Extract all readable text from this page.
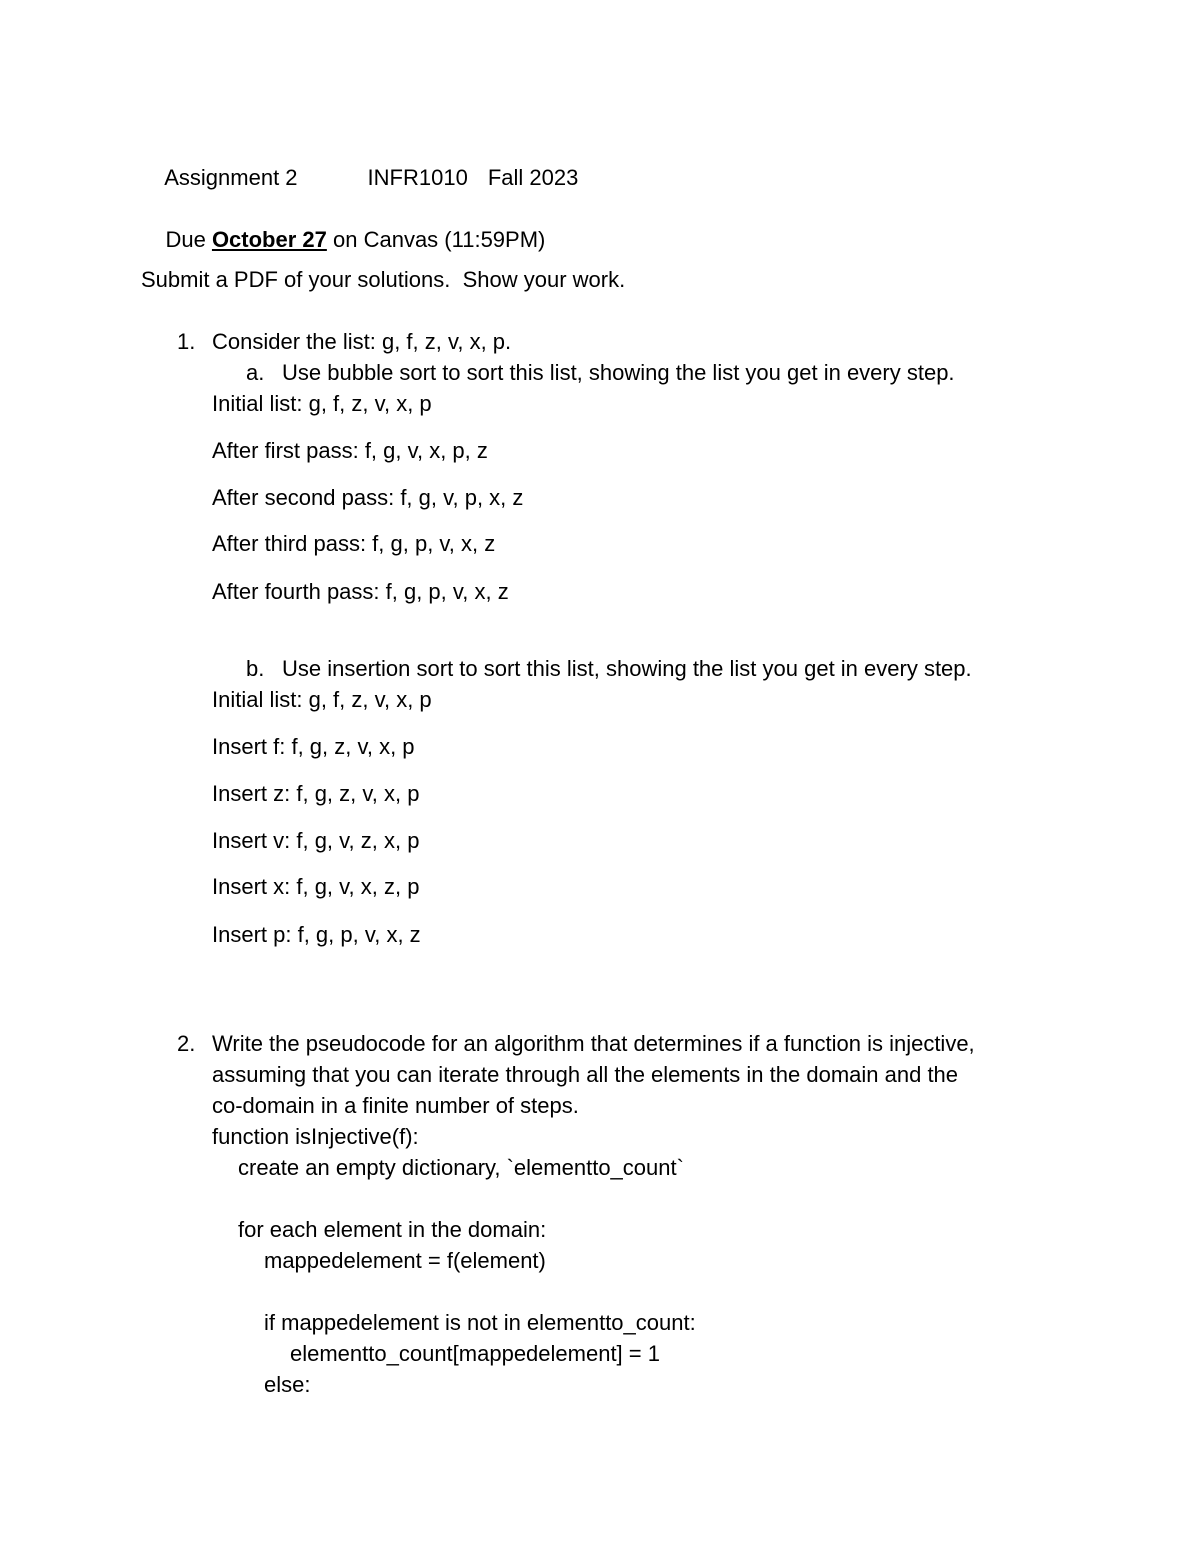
Assignment 2	INFR1010 Fall 2023

Due October 27 on Canvas (11:59PM)

Submit a PDF of your solutions.  Show your work.
1. Consider the list: g, f, z, v, x, p.
a. Use bubble sort to sort this list, showing the list you get in every step.
Initial list: g, f, z, v, x, p
After first pass: f, g, v, x, p, z
After second pass: f, g, v, p, x, z
After third pass: f, g, p, v, x, z
After fourth pass: f, g, p, v, x, z
b. Use insertion sort to sort this list, showing the list you get in every step.
Initial list: g, f, z, v, x, p
Insert f: f, g, z, v, x, p
Insert z: f, g, z, v, x, p
Insert v: f, g, v, z, x, p
Insert x: f, g, v, x, z, p
Insert p: f, g, p, v, x, z
2. Write the pseudocode for an algorithm that determines if a function is injective,
assuming that you can iterate through all the elements in the domain and the
co-domain in a finite number of steps.
function isInjective(f):
create an empty dictionary, `elementto_count`
for each element in the domain:
mappedelement = f(element)
if mappedelement is not in elementto_count:
elementto_count[mappedelement] = 1
else:
